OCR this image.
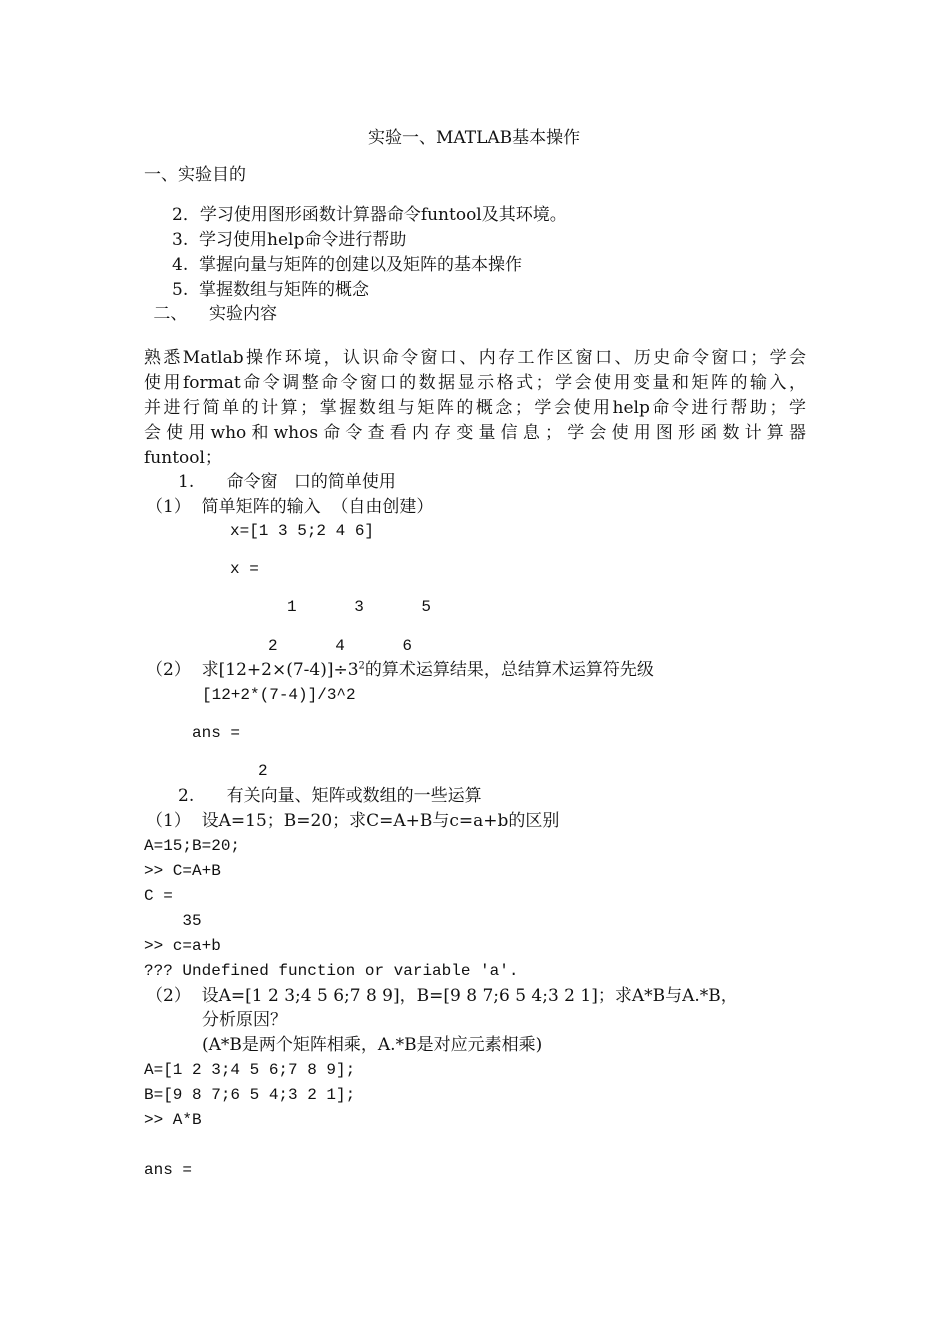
实验一、MATLAB基本操作
一、实验目的
2．学习使用图形函数计算器命令funtool及其环境。
3.  学习使用help命令进行帮助
4.  掌握向量与矩阵的创建以及矩阵的基本操作
5.  掌握数组与矩阵的概念
二、    实验内容
熟悉Matlab操作环境，认识命令窗口、内存工作区窗口、历史命令窗口；学会
使用format命令调整命令窗口的数据显示格式；学会使用变量和矩阵的输入，
并进行简单的计算；掌握数组与矩阵的概念；学会使用help命令进行帮助；学
会使用who和whos命令查看内存变量信息；学会使用图形函数计算器
funtool；
1.      命令窗   口的简单使用
（1）  简单矩阵的输入  （自由创建）
x=[1 3 5;2 4 6]
x =
1      3      5
2      4      6
（2）  求$[12+2\times(7-4)]\div 3^2$的算术运算结果，总结算术运算符先级
[12+2*(7-4)]/3^2
ans =
2
2.      有关向量、矩阵或数组的一些运算
（1）  设A=15；B=20；求C=A+B与c=a+b的区别
A=15;B=20;
>> C=A+B
C =
35
>> c=a+b
??? Undefined function or variable 'a'.
（2）  设A=[1 2 3;4 5 6;7 8 9]，B=[9 8 7;6 5 4;3 2 1]；求A*B与A.*B，
分析原因？
(A*B是两个矩阵相乘，A.*B是对应元素相乘)
A=[1 2 3;4 5 6;7 8 9];
B=[9 8 7;6 5 4;3 2 1];
>> A*B
ans =
